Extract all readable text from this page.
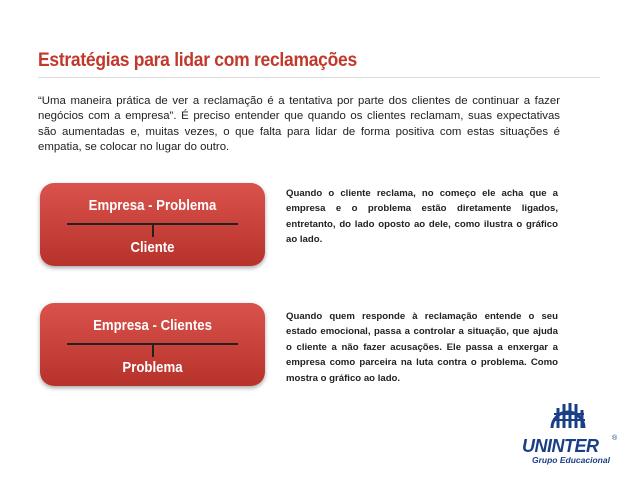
Estratégias para lidar com reclamações
“Uma maneira prática de ver a reclamação é a tentativa por parte dos clientes de continuar a fazer negócios com a empresa”. É preciso entender que quando os clientes reclamam, suas expectativas são aumentadas e, muitas vezes, o que falta para lidar de forma positiva com estas situações é empatia, se colocar no lugar do outro.
Empresa - Problema
Cliente
Quando o cliente reclama, no começo ele acha que a empresa e o problema estão diretamente ligados, entretanto, do lado oposto ao dele, como ilustra o gráfico ao lado.
Empresa - Clientes
Problema
Quando quem responde à reclamação entende o seu estado emocional, passa a controlar a situação, que ajuda o cliente a não fazer acusações. Ele passa a enxergar a empresa como parceira na luta contra o problema. Como mostra o gráfico ao lado.
UNINTER ®
Grupo Educacional
